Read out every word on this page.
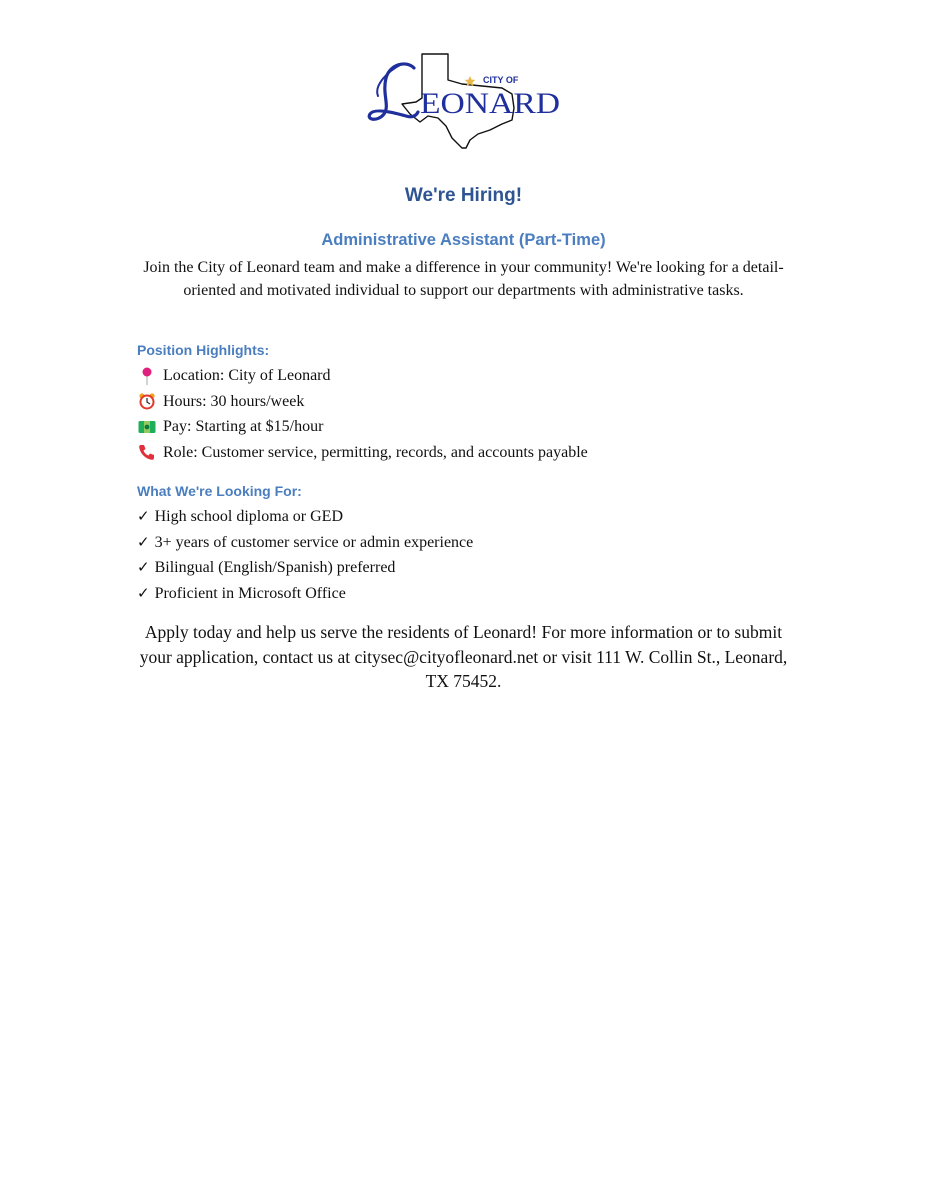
CITY OF
EONARD
We're Hiring!
Administrative Assistant (Part-Time)
Join the City of Leonard team and make a difference in your community! We're looking for a detail-oriented and motivated individual to support our departments with administrative tasks.
Position Highlights:
Location: City of Leonard
Hours: 30 hours/week
Pay: Starting at $15/hour
Role: Customer service, permitting, records, and accounts payable
What We're Looking For:
✓ High school diploma or GED
✓ 3+ years of customer service or admin experience
✓ Bilingual (English/Spanish) preferred
✓ Proficient in Microsoft Office
Apply today and help us serve the residents of Leonard! For more information or to submit your application, contact us at citysec@cityofleonard.net or visit 111 W. Collin St., Leonard, TX 75452.
